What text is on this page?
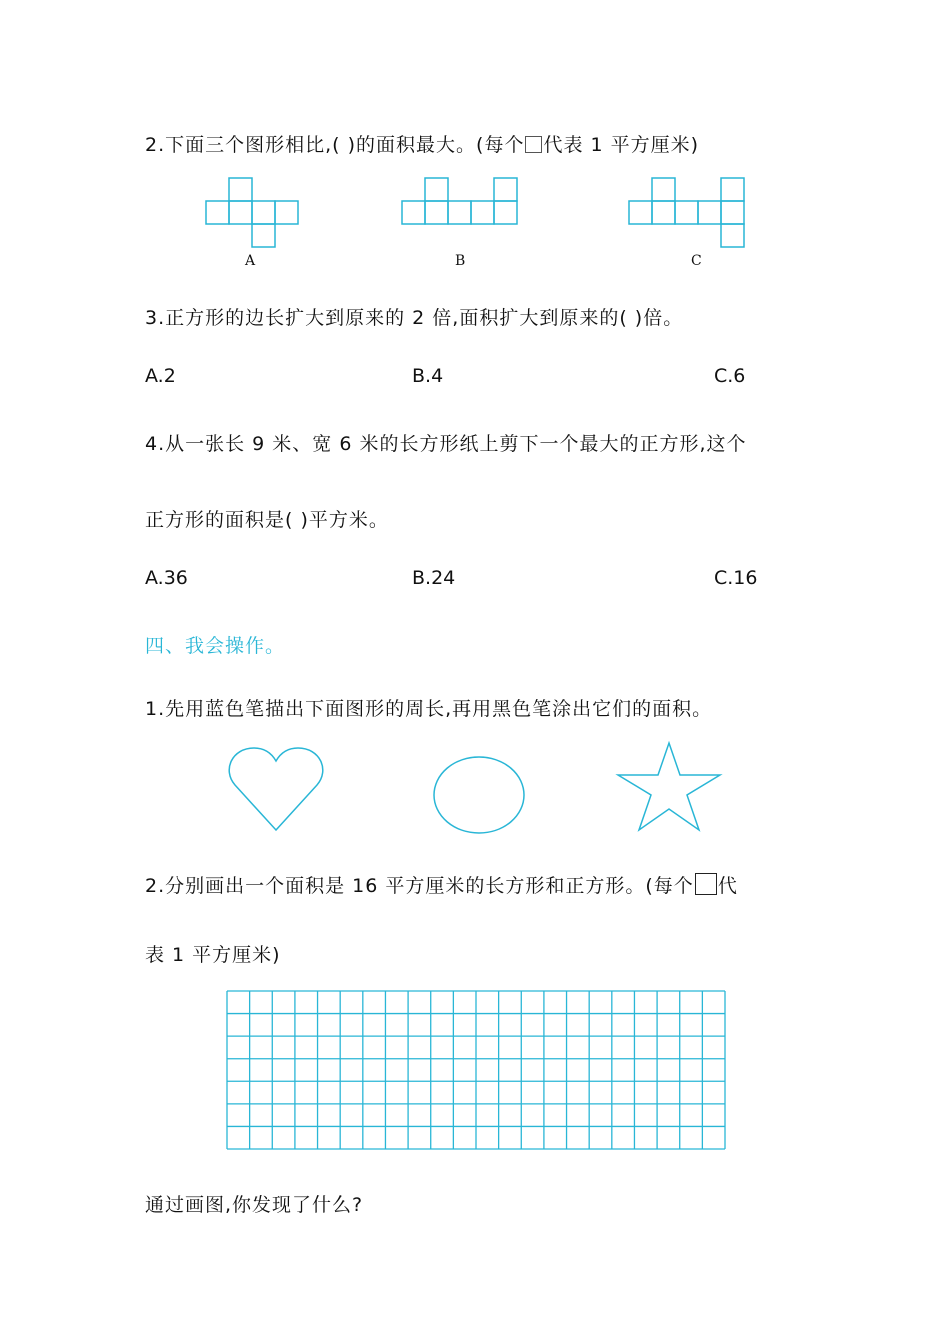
2.下面三个图形相比,( )的面积最大。(每个 代表 1 平方厘米)
A	B	C
3.正方形的边长扩大到原来的 2 倍,面积扩大到原来的( )倍。
A.2	B.4	C.6
4.从一张长 9 米、宽 6 米的长方形纸上剪下一个最大的正方形,这个
正方形的面积是( )平方米。
A.36	B.24	C.16
四、我会操作。
1.先用蓝色笔描出下面图形的周长,再用黑色笔涂出它们的面积。
2.分别画出一个面积是 16 平方厘米的长方形和正方形。(每个 代
表 1 平方厘米)
通过画图,你发现了什么?
